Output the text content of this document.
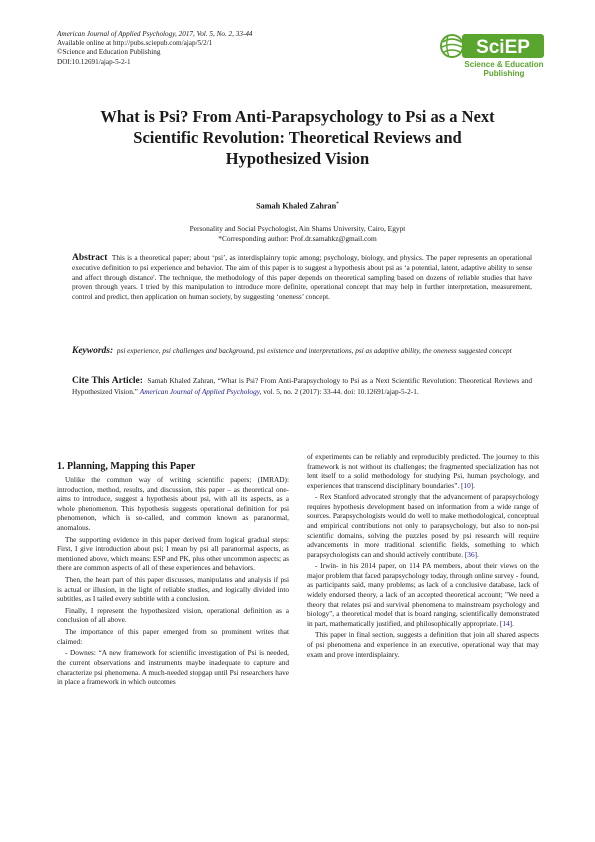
American Journal of Applied Psychology, 2017, Vol. 5, No. 2, 33-44
Available online at http://pubs.sciepub.com/ajap/5/2/1
©Science and Education Publishing
DOI:10.12691/ajap-5-2-1
SciEP
Science & Education
Publishing
What is Psi? From Anti-Parapsychology to Psi as a Next
Scientific Revolution: Theoretical Reviews and
Hypothesized Vision
Samah Khaled Zahran*
Personality and Social Psychologist, Ain Shams University, Cairo, Egypt
*Corresponding author: Prof.dr.samahkz@gmail.com
Abstract This is a theoretical paper; about ‘psi’, as interdisplainry topic among; psychology, biology, and physics. The paper represents an operational executive definition to psi experience and behavior. The aim of this paper is to suggest a hypothesis about psi as ‘a potential, latent, adaptive ability to sense and affect through distance'. The technique, the methodology of this paper depends on theoretical sampling based on dozens of reliable studies that have proven through years. I tried by this manipulation to introduce more definite, operational concept that may help in further interpretation, measurement, control and predict, then application on human society, by suggesting ‘oneness’ concept.
Keywords: psi experience, psi challenges and background, psi existence and interpretations, psi as adaptive ability, the oneness suggested concept
Cite This Article: Samah Khaled Zahran, “What is Psi? From Anti-Parapsychology to Psi as a Next Scientific Revolution: Theoretical Reviews and Hypothesized Vision.” American Journal of Applied Psychology, vol. 5, no. 2 (2017): 33-44. doi: 10.12691/ajap-5-2-1.

1. Planning, Mapping this Paper

Unlike the common way of writing scientific papers; (IMRAD): introduction, method, results, and discussion, this paper – as theoretical one- aims to introduce, suggest a hypothesis about psi, with all its aspects, as a whole phenomenon. This hypothesis suggests operational definition for psi phenomenon, which is so-called, and common known as paranormal, anomalous.

The supporting evidence in this paper derived from logical gradual steps: First, I give introduction about psi; I mean by psi all paranormal aspects, as mentioned above, which means: ESP and PK, plus other uncommon aspects; as there are common aspects of all of these experiences and behaviors.

Then, the heart part of this paper discusses, manipulates and analysis if psi is actual or illusion, in the light of reliable studies, and logically divided into subtitles, as I tailed every subtitle with a conclusion.

Finally, I represent the hypothesized vision, operational definition as a conclusion of all above.

The importance of this paper emerged from so prominent writes that claimed:

- Downes: “A new framework for scientific investigation of Psi is needed, the current observations and instruments maybe inadequate to capture and characterize psi phenomena. A much-needed stopgap until Psi researchers have in place a framework in which outcomes

of experiments can be reliably and reproducibly predicted. The journey to this framework is not without its challenges; the fragmented specialization has not lent itself to a solid methodology for studying Psi, human psychology, and experiences that transcend disciplinary boundaries”. [10].

- Rex Stanford advocated strongly that the advancement of parapsychology requires hypothesis development based on information from a wide range of sources. Parapsychologists would do well to make methodological, conceptual and empirical contributions not only to parapsychology, but also to non-psi scientific domains, solving the puzzles posed by psi research will require advancements in more traditional scientific fields, something to which parapsychologists can and should actively contribute. [36].

- Irwin- in his 2014 paper, on 114 PA members, about their views on the major problem that faced parapsychology today, through online survey - found, as participants said, many problems; as lack of a conclusive database, lack of widely endorsed theory, a lack of an accepted theoretical account; "We need a theory that relates psi and survival phenomena to mainstream psychology and biology", a theoretical model that is board ranging, scientifically demonstrated in part, mathematically justified, and philosophically appropriate. [14].

This paper in final section, suggests a definition that join all shared aspects of psi phenomena and experience in an executive, operational way that may exam and prove interdisplainry.
